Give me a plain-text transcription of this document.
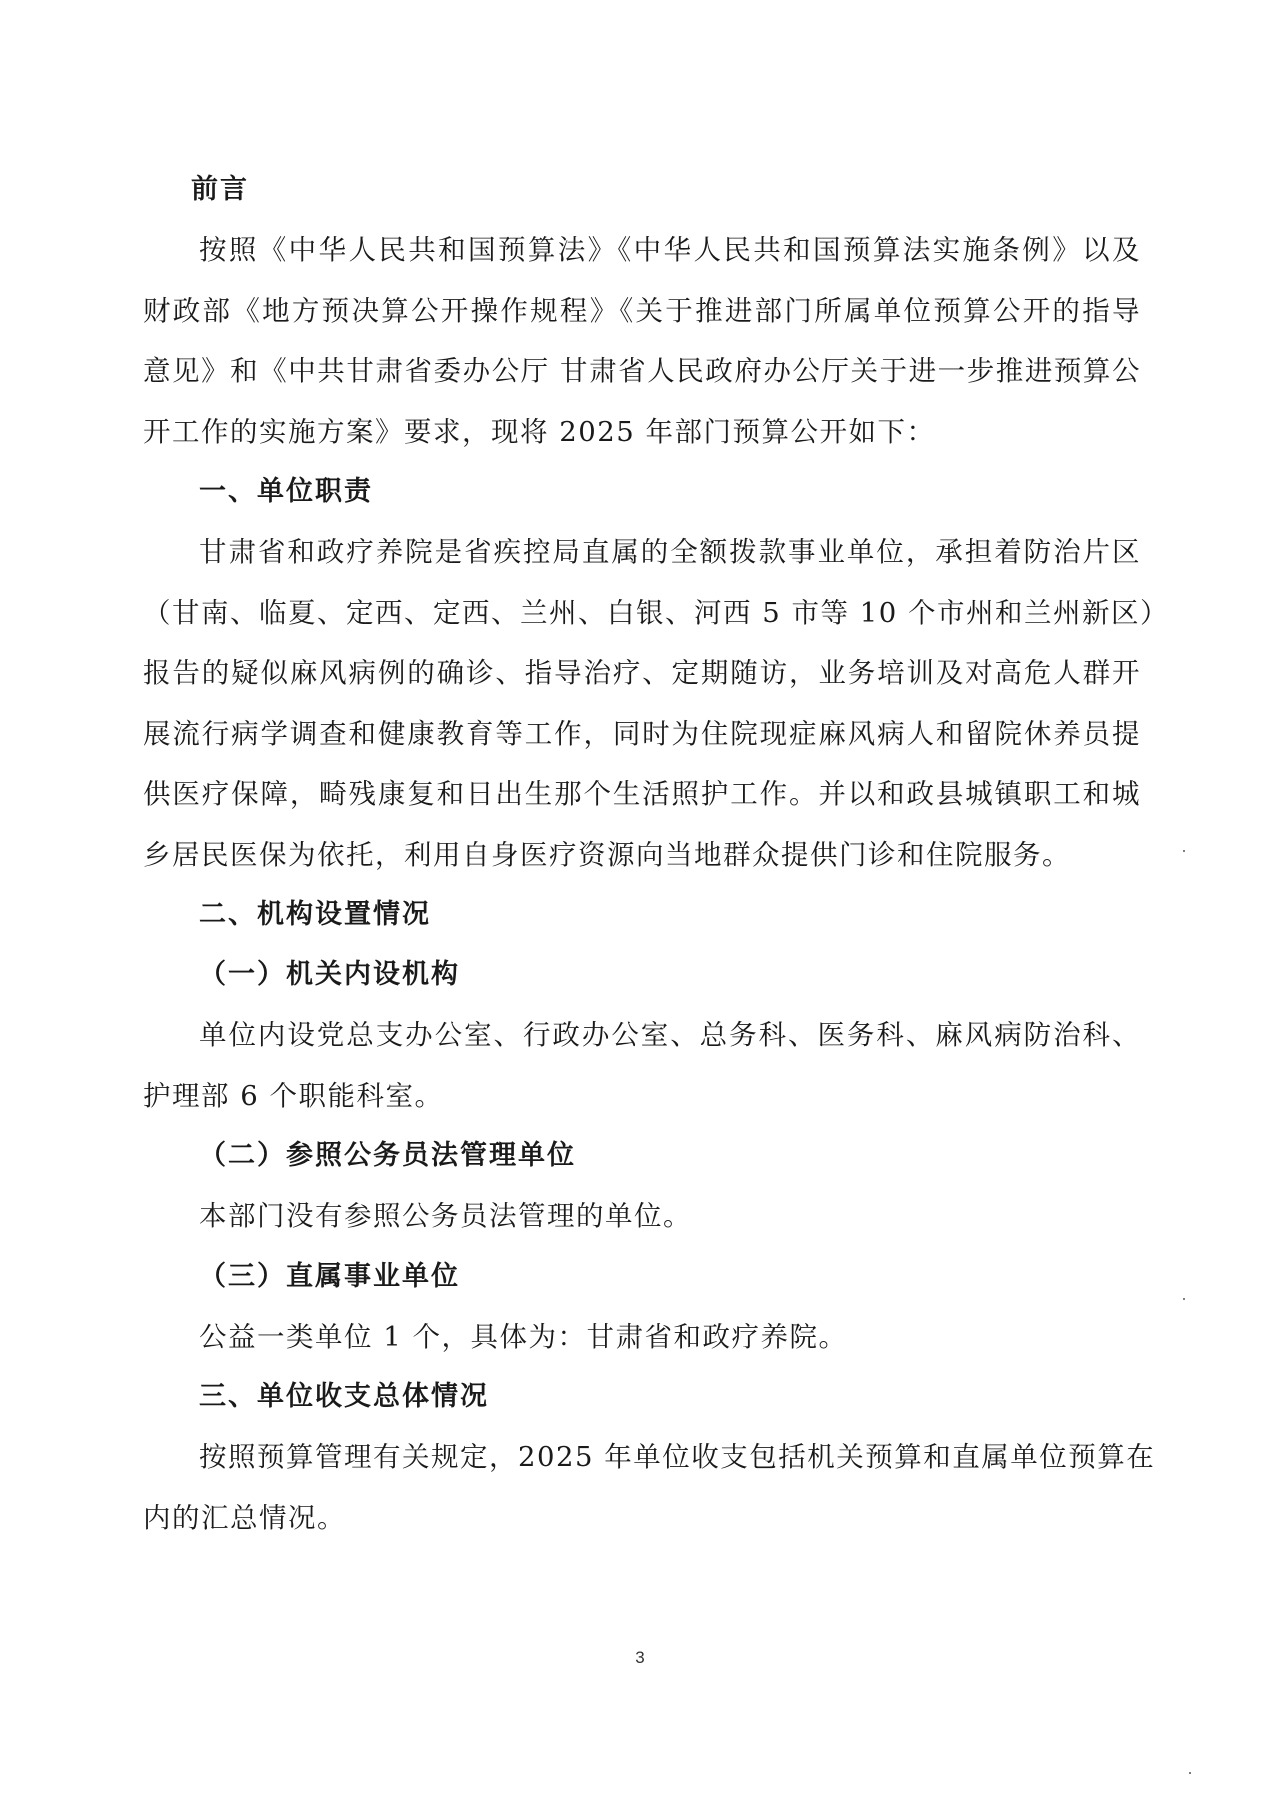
前言

按照《中华人民共和国预算法》《中华人民共和国预算法实施条例》以及
财政部《地方预决算公开操作规程》《关于推进部门所属单位预算公开的指导
意见》和《中共甘肃省委办公厅 甘肃省人民政府办公厅关于进一步推进预算公
开工作的实施方案》要求，现将 2025 年部门预算公开如下：

一、单位职责

甘肃省和政疗养院是省疾控局直属的全额拨款事业单位，承担着防治片区
（甘南、临夏、定西、定西、兰州、白银、河西 5 市等 10 个市州和兰州新区）
报告的疑似麻风病例的确诊、指导治疗、定期随访，业务培训及对高危人群开
展流行病学调查和健康教育等工作，同时为住院现症麻风病人和留院休养员提
供医疗保障，畸残康复和日出生那个生活照护工作。并以和政县城镇职工和城
乡居民医保为依托，利用自身医疗资源向当地群众提供门诊和住院服务。

二、机构设置情况
（一）机关内设机构

单位内设党总支办公室、行政办公室、总务科、医务科、麻风病防治科、
护理部 6 个职能科室。

（二）参照公务员法管理单位

本部门没有参照公务员法管理的单位。

（三）直属事业单位

公益一类单位 1 个，具体为：甘肃省和政疗养院。

三、单位收支总体情况

按照预算管理有关规定，2025 年单位收支包括机关预算和直属单位预算在
内的汇总情况。

3
